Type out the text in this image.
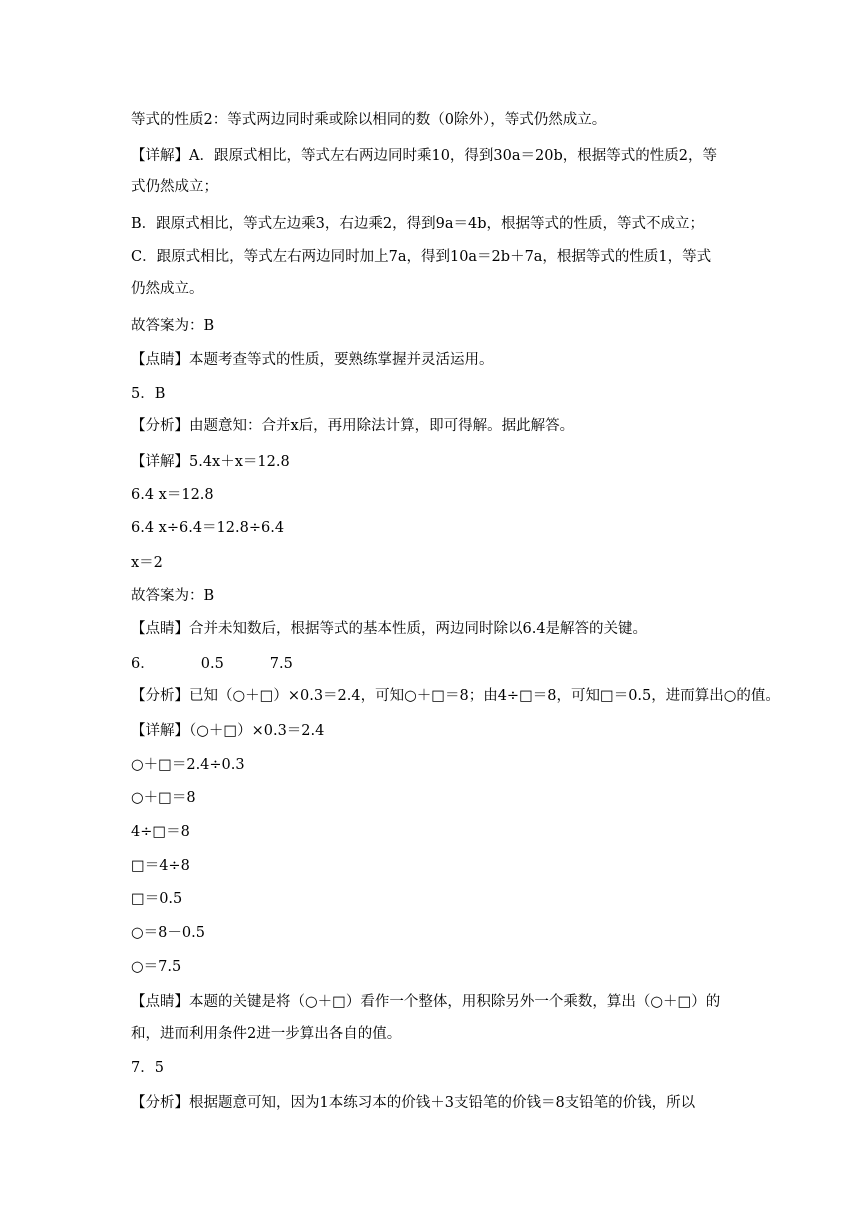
等式的性质2：等式两边同时乘或除以相同的数（0除外），等式仍然成立。
【详解】A．跟原式相比，等式左右两边同时乘10，得到30a＝20b，根据等式的性质2，等
式仍然成立；
B．跟原式相比，等式左边乘3，右边乘2，得到9a＝4b，根据等式的性质，等式不成立；
C．跟原式相比，等式左右两边同时加上7a，得到10a＝2b＋7a，根据等式的性质1，等式
仍然成立。
故答案为：B
【点睛】本题考查等式的性质，要熟练掌握并灵活运用。
5．B
【分析】由题意知：合并x后，再用除法计算，即可得解。据此解答。
【详解】5.4x＋x＝12.8
6.4 x＝12.8
6.4 x÷6.4＝12.8÷6.4
x＝2
故答案为：B
【点睛】合并未知数后，根据等式的基本性质，两边同时除以6.4是解答的关键。
6．	0.5	7.5
【分析】已知（○＋□）×0.3＝2.4，可知○＋□＝8；由4÷□＝8，可知□＝0.5，进而算出○的值。
【详解】（○＋□）×0.3＝2.4
○＋□＝2.4÷0.3
○＋□＝8
4÷□＝8
□＝4÷8
□＝0.5
○＝8－0.5
○＝7.5
【点睛】本题的关键是将（○＋□）看作一个整体，用积除另外一个乘数，算出（○＋□）的
和，进而利用条件2进一步算出各自的值。
7．5
【分析】根据题意可知，因为1本练习本的价钱＋3支铅笔的价钱＝8支铅笔的价钱，所以
